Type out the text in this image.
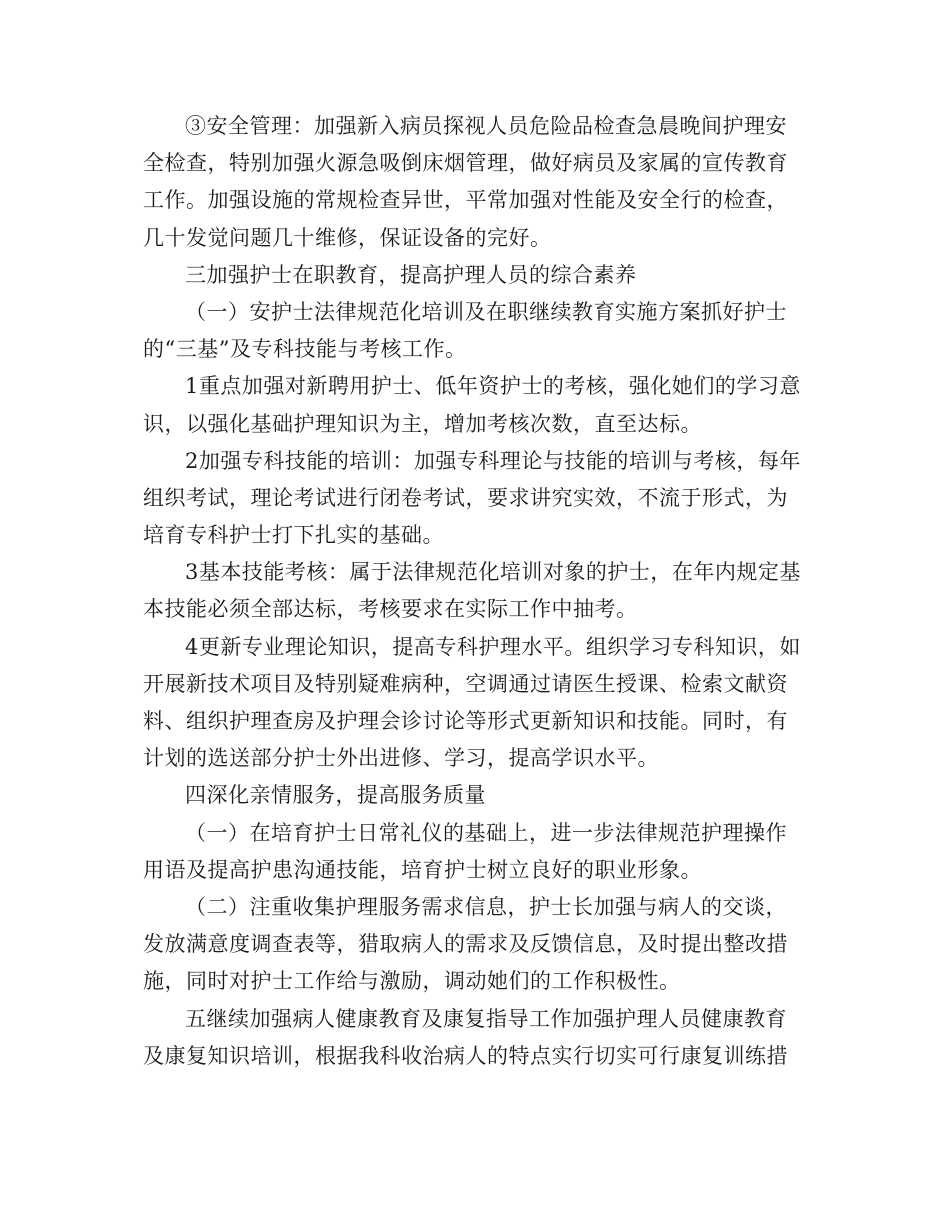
③安全管理：加强新入病员探视人员危险品检查急晨晚间护理安
全检查，特别加强火源急吸倒床烟管理，做好病员及家属的宣传教育
工作。加强设施的常规检查异世，平常加强对性能及安全行的检查，
几十发觉问题几十维修，保证设备的完好。
三加强护士在职教育，提高护理人员的综合素养
（一）安护士法律规范化培训及在职继续教育实施方案抓好护士
的“三基”及专科技能与考核工作。
1重点加强对新聘用护士、低年资护士的考核，强化她们的学习意
识，以强化基础护理知识为主，增加考核次数，直至达标。
2加强专科技能的培训：加强专科理论与技能的培训与考核，每年
组织考试，理论考试进行闭卷考试，要求讲究实效，不流于形式，为
培育专科护士打下扎实的基础。
3基本技能考核：属于法律规范化培训对象的护士，在年内规定基
本技能必须全部达标，考核要求在实际工作中抽考。
4更新专业理论知识，提高专科护理水平。组织学习专科知识，如
开展新技术项目及特别疑难病种，空调通过请医生授课、检索文献资
料、组织护理查房及护理会诊讨论等形式更新知识和技能。同时，有
计划的选送部分护士外出进修、学习，提高学识水平。
四深化亲情服务，提高服务质量
（一）在培育护士日常礼仪的基础上，进一步法律规范护理操作
用语及提高护患沟通技能，培育护士树立良好的职业形象。
（二）注重收集护理服务需求信息，护士长加强与病人的交谈，
发放满意度调查表等，猎取病人的需求及反馈信息，及时提出整改措
施，同时对护士工作给与激励，调动她们的工作积极性。
五继续加强病人健康教育及康复指导工作加强护理人员健康教育
及康复知识培训，根据我科收治病人的特点实行切实可行康复训练措
